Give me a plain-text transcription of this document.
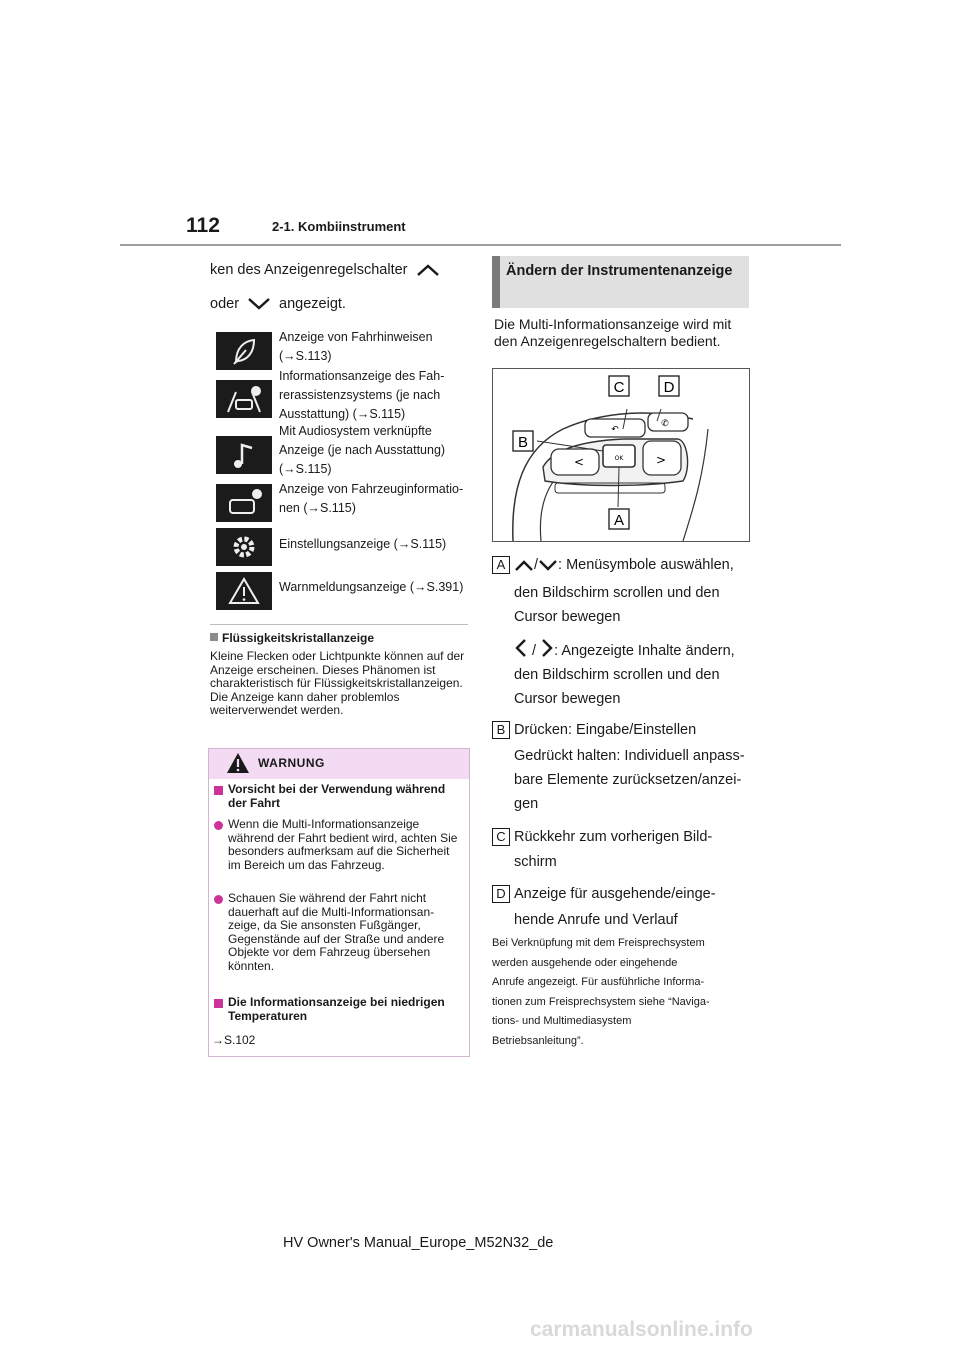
112	2-1. Kombiinstrument
ken des Anzeigenregelschalter
oder	angezeigt.
Anzeige von Fahrhinweisen (→S.113)
Informationsanzeige des Fahrerassistenzsystems (je nach Ausstattung) (→S.115)
Mit Audiosystem verknüpfte Anzeige (je nach Ausstattung) (→S.115)
Anzeige von Fahrzeuginformationen (→S.115)
Einstellungsanzeige (→S.115)
Warnmeldungsanzeige (→S.391)
Flüssigkeitskristallanzeige
Kleine Flecken oder Lichtpunkte können auf der Anzeige erscheinen. Dieses Phänomen ist charakteristisch für Flüssigkeitskristallanzeigen. Die Anzeige kann daher problemlos weiterverwendet werden.
WARNUNG
Vorsicht bei der Verwendung während der Fahrt
Wenn die Multi-Informationsanzeige während der Fahrt bedient wird, achten Sie besonders aufmerksam auf die Sicherheit im Bereich um das Fahrzeug.
Schauen Sie während der Fahrt nicht dauerhaft auf die Multi-Informationsanzeige, da Sie ansonsten Fußgänger, Gegenstände auf der Straße und andere Objekte vor dem Fahrzeug übersehen könnten.
Die Informationsanzeige bei niedrigen Temperaturen
→S.102
Ändern der Instrumentenanzeige
Die Multi-Informationsanzeige wird mit den Anzeigenregelschaltern bedient.
↶
✆
<	>
OK
C	D
B
A
A	/ : Menüsymbole auswählen,
den Bildschirm scrollen und den
Cursor bewegen
/ : Angezeigte Inhalte ändern,
den Bildschirm scrollen und den
Cursor bewegen
B Drücken: Eingabe/Einstellen
Gedrückt halten: Individuell anpass-
bare Elemente zurücksetzen/anzei-
gen
C Rückkehr zum vorherigen Bild-
schirm
D Anzeige für ausgehende/einge-
hende Anrufe und Verlauf
Bei Verknüpfung mit dem Freisprechsystem
werden ausgehende oder eingehende
Anrufe angezeigt. Für ausführliche Informa-
tionen zum Freisprechsystem siehe “Naviga-
tions- und Multimediasystem
Betriebsanleitung”.
HV Owner's Manual_Europe_M52N32_de
carmanualsonline.info
